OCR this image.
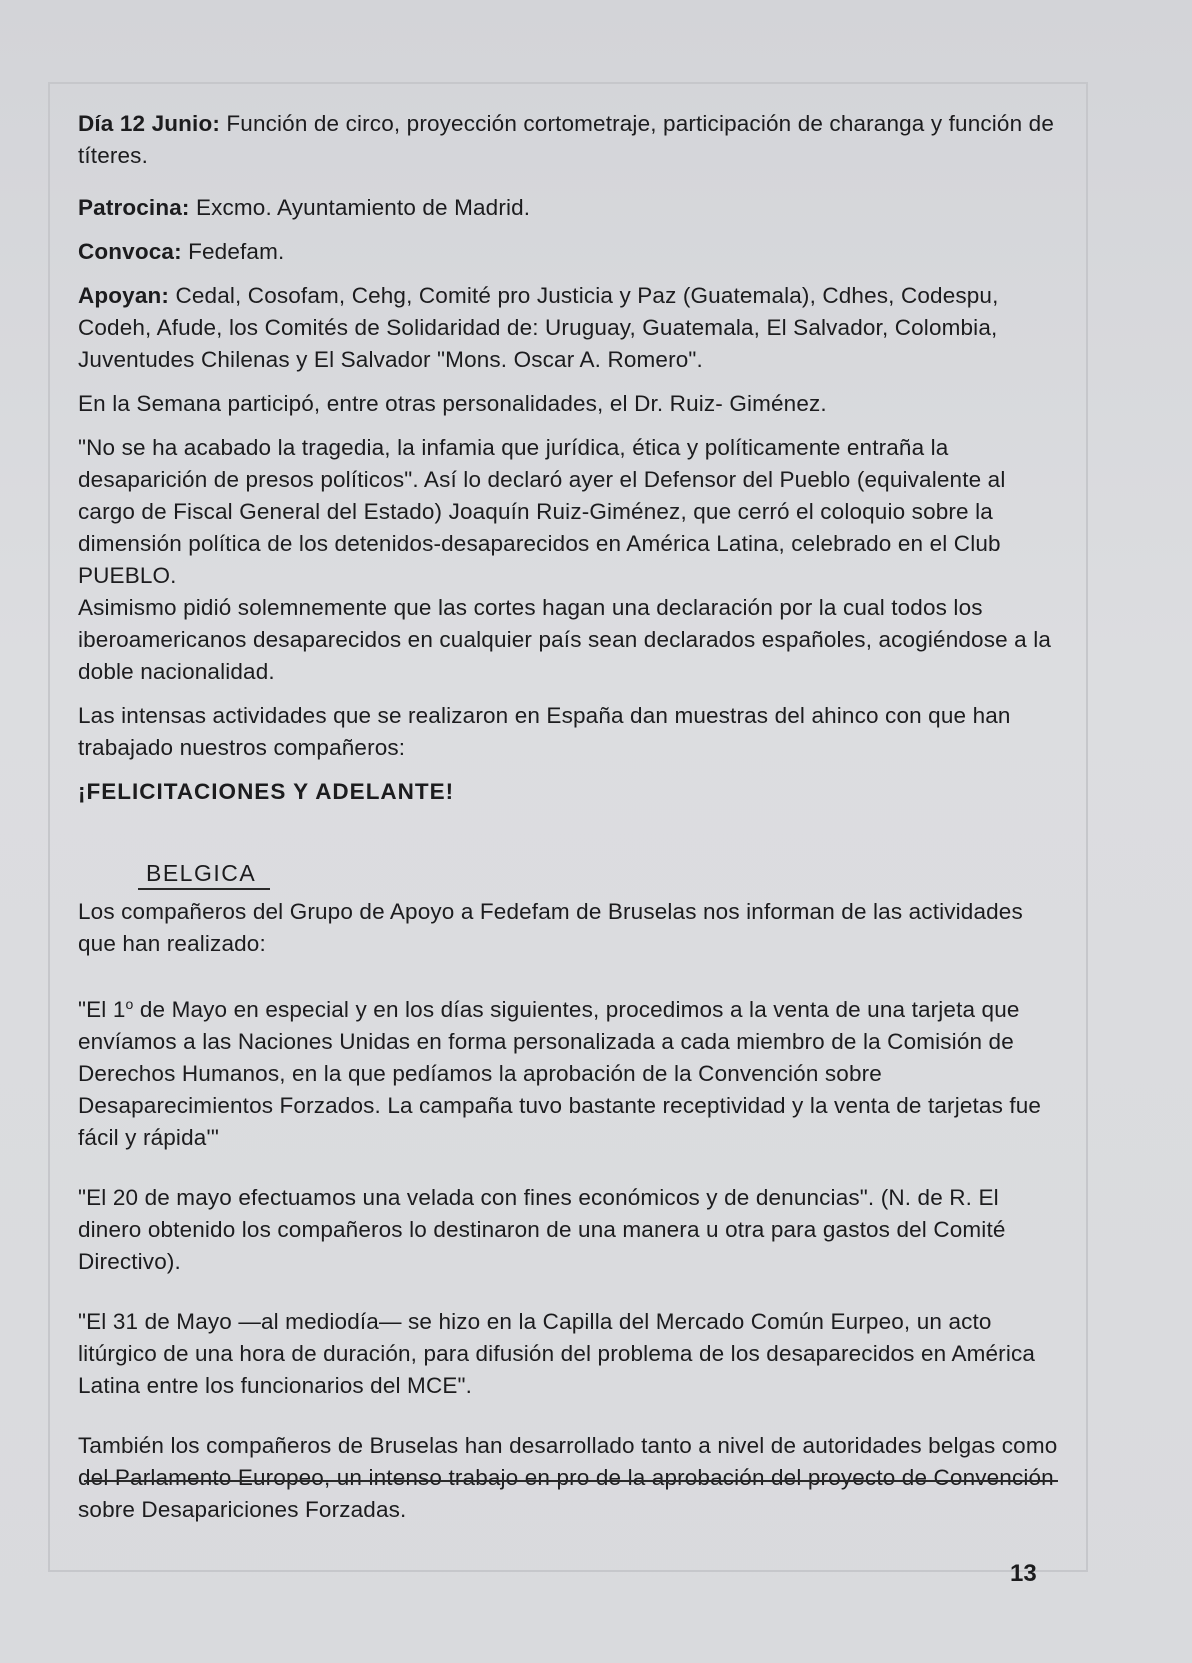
Día 12 Junio: Función de circo, proyección cortometraje, participación de charanga y función de títeres.

Patrocina: Excmo. Ayuntamiento de Madrid.

Convoca: Fedefam.

Apoyan: Cedal, Cosofam, Cehg, Comité pro Justicia y Paz (Guatemala), Cdhes, Codespu, Codeh, Afude, los Comités de Solidaridad de: Uruguay, Guatemala, El Salvador, Colombia, Juventudes Chilenas y El Salvador "Mons. Oscar A. Romero".

En la Semana participó, entre otras personalidades, el Dr. Ruiz- Giménez.

"No se ha acabado la tragedia, la infamia que jurídica, ética y políticamente entraña la desaparición de presos políticos". Así lo declaró ayer el Defensor del Pueblo (equivalente al cargo de Fiscal General del Estado) Joaquín Ruiz-Giménez, que cerró el coloquio sobre la dimensión política de los detenidos-desaparecidos en América Latina, celebrado en el Club PUEBLO.

Asimismo pidió solemnemente que las cortes hagan una declaración por la cual todos los iberoamericanos desaparecidos en cualquier país sean declarados españoles, acogiéndose a la doble nacionalidad.

Las intensas actividades que se realizaron en España dan muestras del ahinco con que han trabajado nuestros compañeros:

¡FELICITACIONES Y ADELANTE!

BELGICA

Los compañeros del Grupo de Apoyo a Fedefam de Bruselas nos informan de las actividades que han realizado:

"El 1$^o$ de Mayo en especial y en los días siguientes, procedimos a la venta de una tarjeta que envíamos a las Naciones Unidas en forma personalizada a cada miembro de la Comisión de Derechos Humanos, en la que pedíamos la aprobación de la Convención sobre Desaparecimientos Forzados. La campaña tuvo bastante receptividad y la venta de tarjetas fue fácil y rápida'"

"El 20 de mayo efectuamos una velada con fines económicos y de denuncias". (N. de R. El dinero obtenido los compañeros lo destinaron de una manera u otra para gastos del Comité Directivo).

"El 31 de Mayo —al mediodía— se hizo en la Capilla del Mercado Común Eurpeo, un acto litúrgico de una hora de duración, para difusión del problema de los desaparecidos en América Latina entre los funcionarios del MCE".

También los compañeros de Bruselas han desarrollado tanto a nivel de autoridades belgas como del Parlamento Europeo, un intenso trabajo en pro de la aprobación del proyecto de Convención sobre Desapariciones Forzadas.

13
